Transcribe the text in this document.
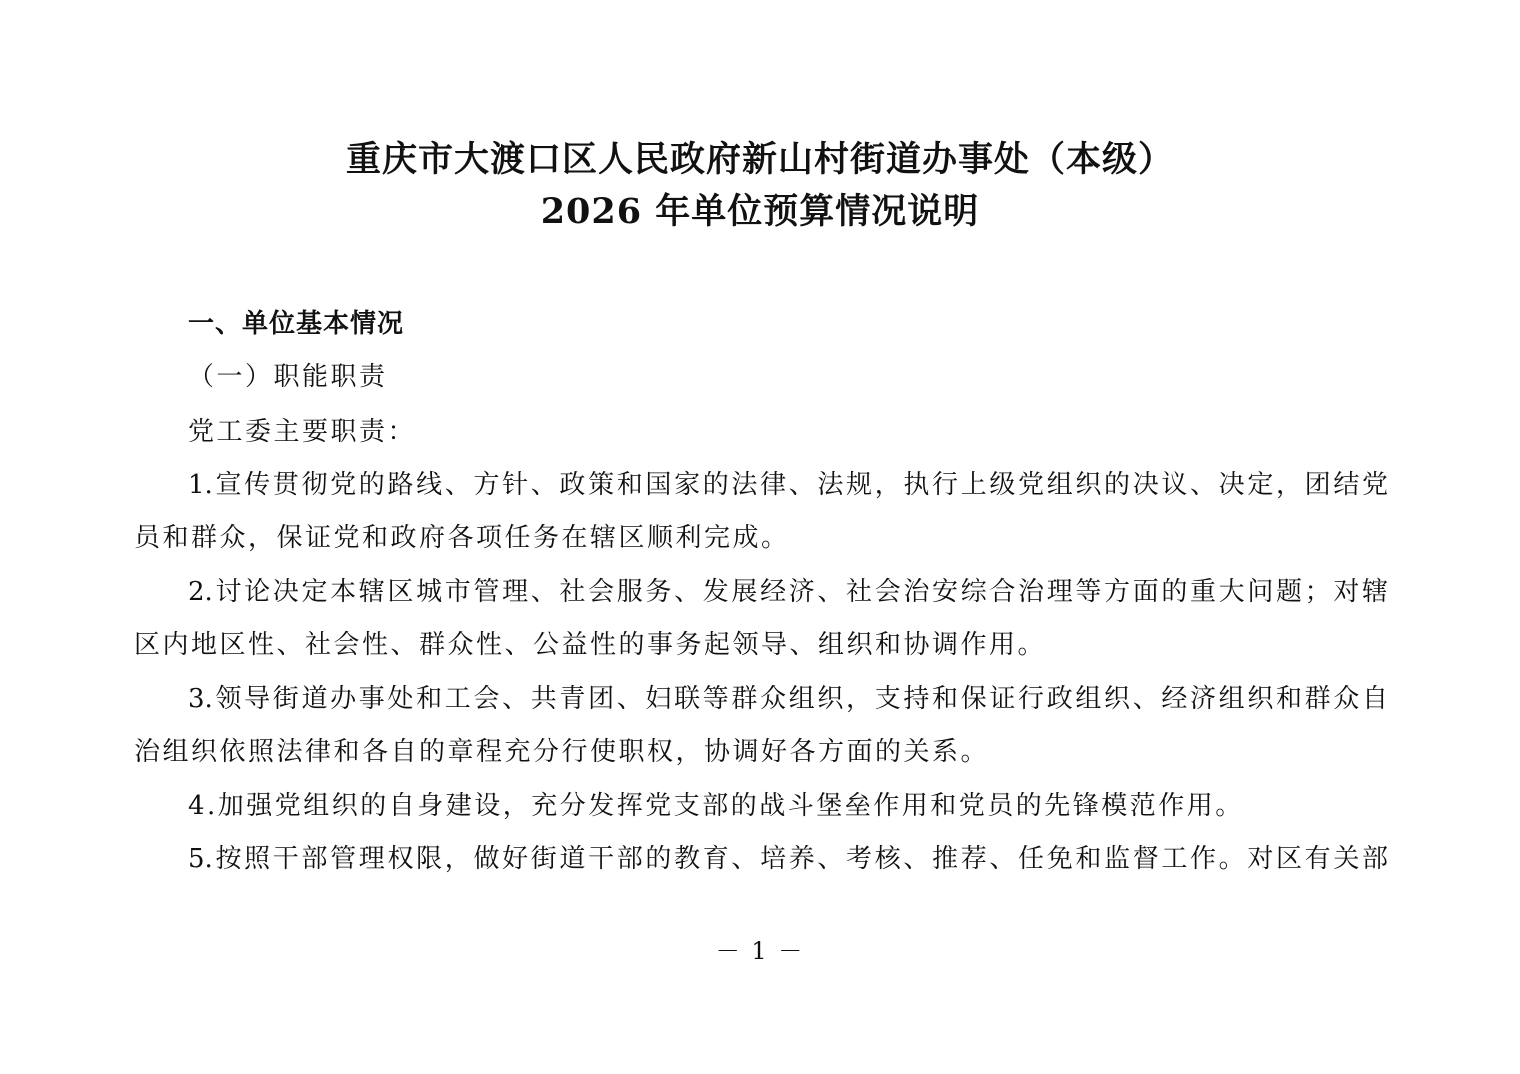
重庆市大渡口区人民政府新山村街道办事处（本级）
2026 年单位预算情况说明
一、单位基本情况
（一）职能职责
党工委主要职责：
1.宣传贯彻党的路线、方针、政策和国家的法律、法规，执行上级党组织的决议、决定，团结党
员和群众，保证党和政府各项任务在辖区顺利完成。
2.讨论决定本辖区城市管理、社会服务、发展经济、社会治安综合治理等方面的重大问题；对辖
区内地区性、社会性、群众性、公益性的事务起领导、组织和协调作用。
3.领导街道办事处和工会、共青团、妇联等群众组织，支持和保证行政组织、经济组织和群众自
治组织依照法律和各自的章程充分行使职权，协调好各方面的关系。
4.加强党组织的自身建设，充分发挥党支部的战斗堡垒作用和党员的先锋模范作用。
5.按照干部管理权限，做好街道干部的教育、培养、考核、推荐、任免和监督工作。对区有关部
－ 1 －
